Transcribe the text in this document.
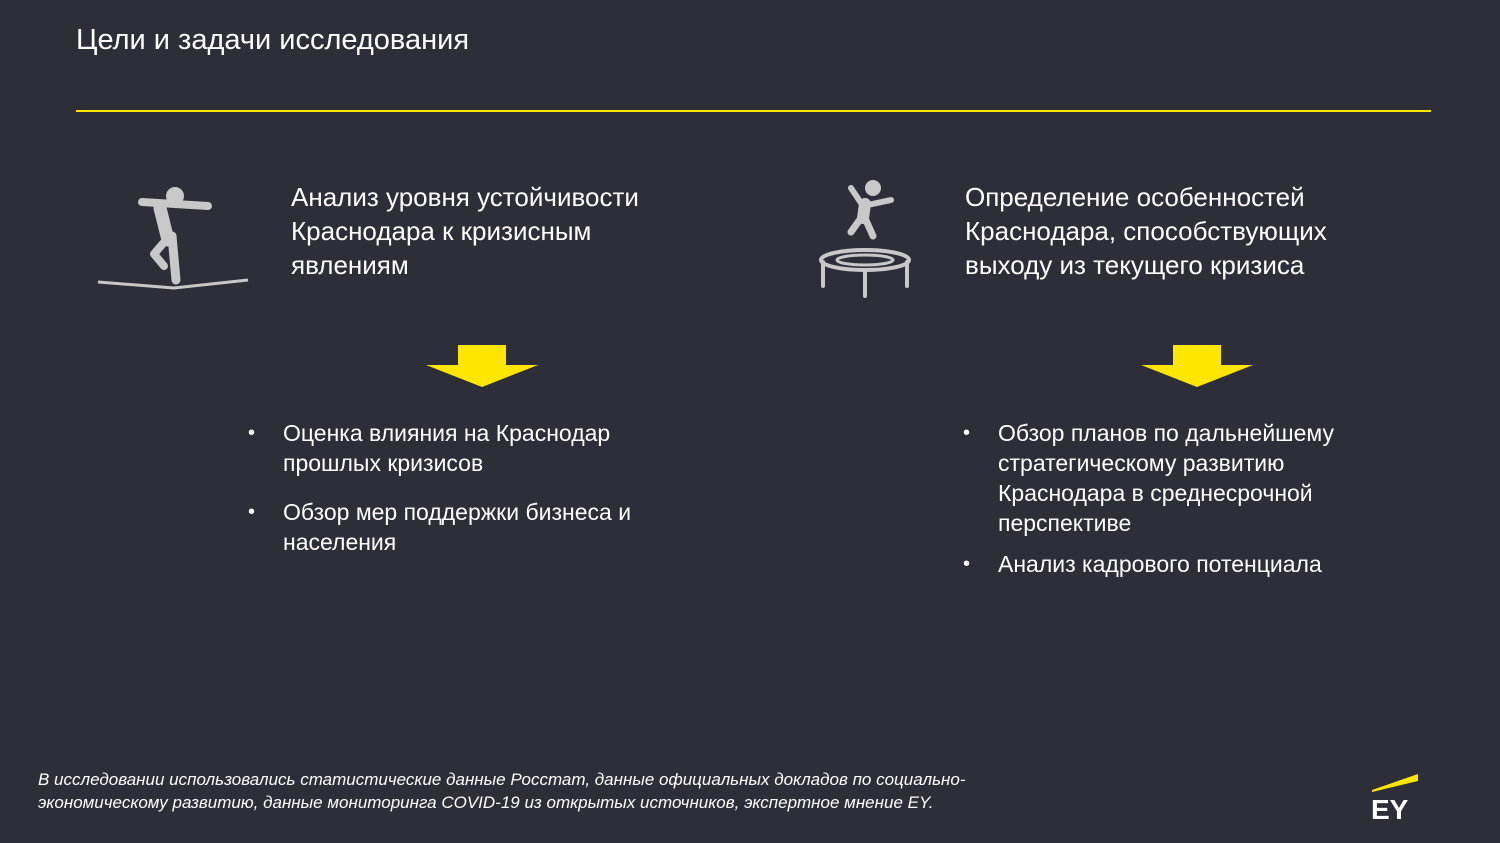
Цели и задачи исследования
Анализ уровня устойчивости
Краснодара к кризисным
явлениям
• Оценка влияния на Краснодар
прошлых кризисов
• Обзор мер поддержки бизнеса и
населения
Определение особенностей
Краснодара, способствующих
выходу из текущего кризиса
• Обзор планов по дальнейшему
стратегическому развитию
Краснодара в среднесрочной
перспективе
• Анализ кадрового потенциала
В исследовании использовались статистические данные Росстат, данные официальных докладов по социально-
экономическому развитию, данные мониторинга COVID-19 из открытых источников, экспертное мнение EY.	EY
